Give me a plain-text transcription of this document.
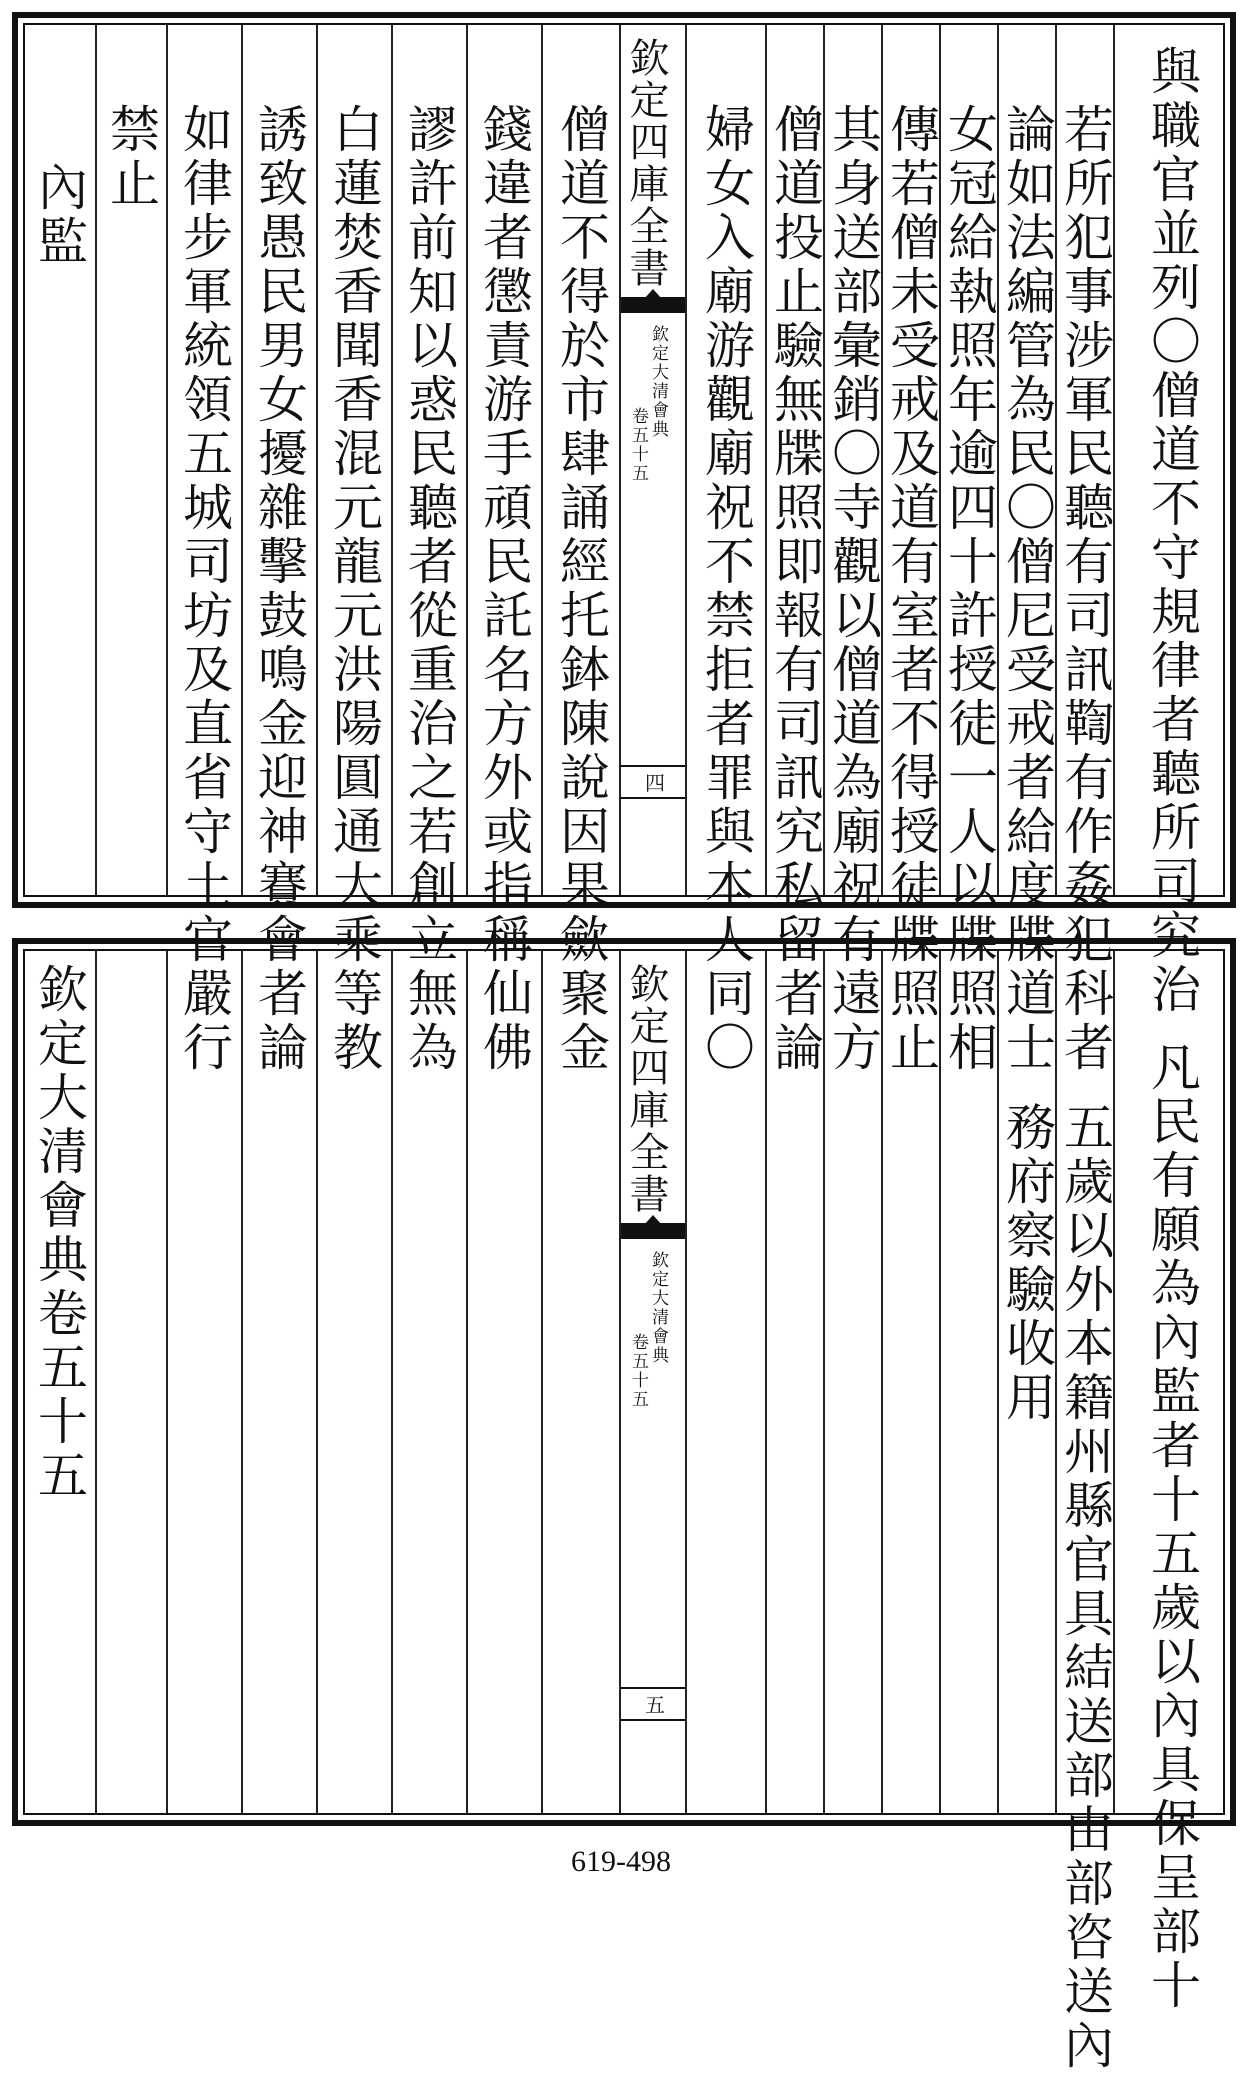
與職官並列〇僧道不守規律者聽所司究治
若所犯事涉軍民聽有司訊鞫有作姦犯科者
論如法編管為民〇僧尼受戒者給度牒道士
女冠給執照年逾四十許授徒一人以牒照相
傳若僧未受戒及道有室者不得授徒牒照止
其身送部彙銷〇寺觀以僧道為廟祝有遠方
僧道投止驗無牒照即報有司訊究私留者論
婦女入廟游觀廟祝不禁拒者罪與本人同〇
欽定四庫全書
欽定大清會典
卷五十五
四
僧道不得於市肆誦經托鉢陳說因果歛聚金
錢違者懲責游手頑民託名方外或指稱仙佛
謬許前知以惑民聽者從重治之若創立無為
白蓮焚香聞香混元龍元洪陽圓通大乘等教
誘致愚民男女擾雜擊鼓鳴金迎神賽會者論
如律步軍統領五城司坊及直省守土官嚴行
禁止
內監
凡民有願為內監者十五歲以內具保呈部十
五歲以外本籍州縣官具結送部由部咨送內
務府察驗收用
欽定四庫全書
欽定大清會典
卷五十五
五
欽定大清會典卷五十五
619-498
